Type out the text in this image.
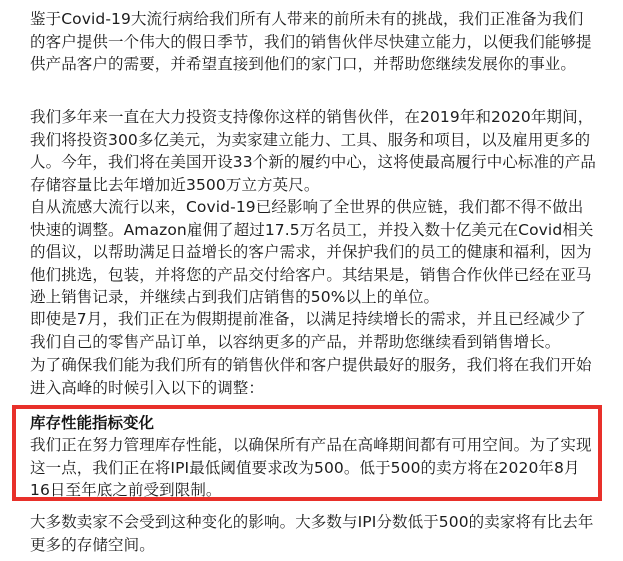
鉴于Covid-19大流行病给我们所有人带来的前所未有的挑战，我们正准备为我们的客户提供一个伟大的假日季节，我们的销售伙伴尽快建立能力，以便我们能够提供产品客户的需要，并希望直接到他们的家门口，并帮助您继续发展你的事业。

我们多年来一直在大力投资支持像你这样的销售伙伴，在2019年和2020年期间，我们将投资300多亿美元，为卖家建立能力、工具、服务和项目，以及雇用更多的人。今年，我们将在美国开设33个新的履约中心，这将使最高履行中心标准的产品存储容量比去年增加近3500万立方英尺。

自从流感大流行以来，Covid-19已经影响了全世界的供应链，我们都不得不做出快速的调整。Amazon雇佣了超过17.5万名员工，并投入数十亿美元在Covid相关的倡议，以帮助满足日益增长的客户需求，并保护我们的员工的健康和福利，因为他们挑选，包装，并将您的产品交付给客户。其结果是，销售合作伙伴已经在亚马逊上销售记录，并继续占到我们店销售的50%以上的单位。

即使是7月，我们正在为假期提前准备，以满足持续增长的需求，并且已经减少了我们自己的零售产品订单，以容纳更多的产品，并帮助您继续看到销售增长。

为了确保我们能为我们所有的销售伙伴和客户提供最好的服务，我们将在我们开始进入高峰的时候引入以下的调整：

库存性能指标变化

我们正在努力管理库存性能，以确保所有产品在高峰期间都有可用空间。为了实现这一点，我们正在将IPI最低阈值要求改为500。低于500的卖方将在2020年8月16日至年底之前受到限制。

大多数卖家不会受到这种变化的影响。大多数与IPI分数低于500的卖家将有比去年更多的存储空间。
